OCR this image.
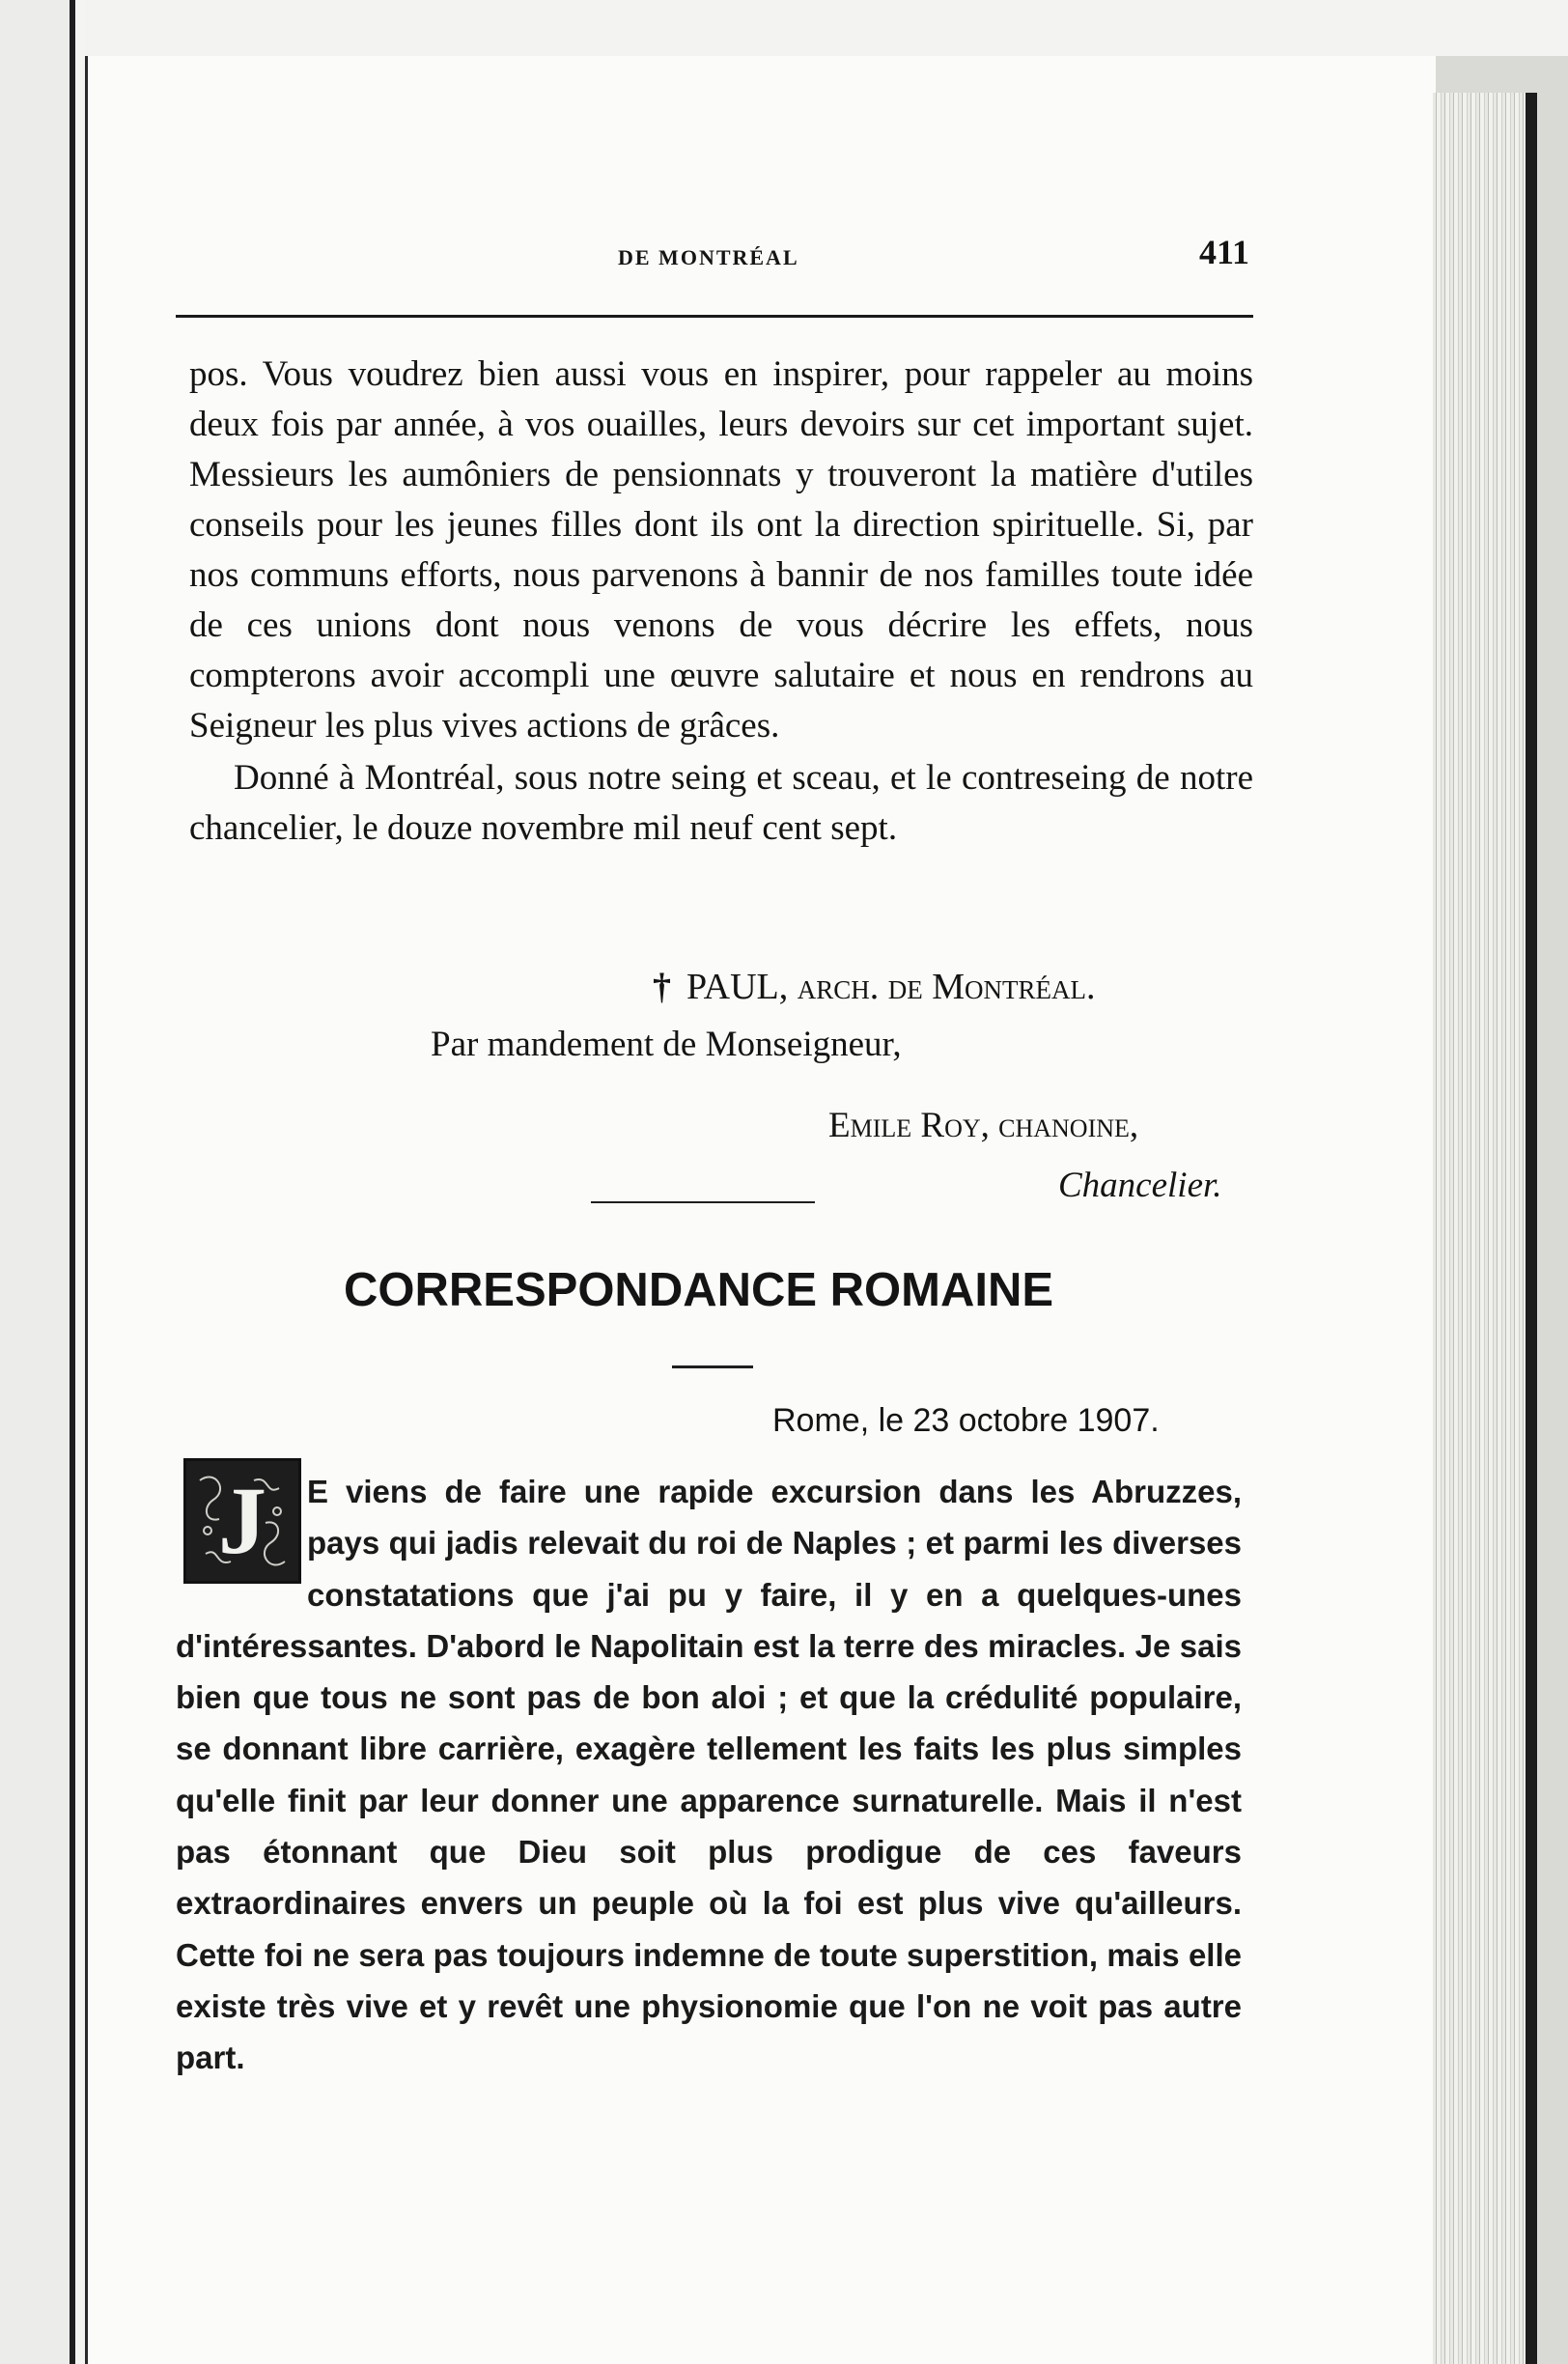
DE MONTRÉAL	411

pos. Vous voudrez bien aussi vous en inspirer, pour rappeler au moins deux fois par année, à vos ouailles, leurs devoirs sur cet important sujet. Messieurs les aumôniers de pensionnats y trouveront la matière d'utiles conseils pour les jeunes filles dont ils ont la direction spirituelle. Si, par nos communs efforts, nous parvenons à bannir de nos familles toute idée de ces unions dont nous venons de vous décrire les effets, nous compterons avoir accompli une œuvre salutaire et nous en rendrons au Seigneur les plus vives actions de grâces.

Donné à Montréal, sous notre seing et sceau, et le contreseing de notre chancelier, le douze novembre mil neuf cent sept.

† PAUL, arch. de Montréal.
Par mandement de Monseigneur,
Emile Roy, chanoine,
Chancelier.
CORRESPONDANCE ROMAINE
Rome, le 23 octobre 1907.
J	E viens de faire une rapide excursion dans les Abruzzes, pays qui jadis relevait du roi de Naples ; et parmi les diverses constatations que j'ai pu y faire, il y en a quelques-unes d'intéressantes. D'abord le Napolitain est la terre des miracles. Je sais bien que tous ne sont pas de bon aloi ; et que la crédulité populaire, se donnant libre carrière, exagère tellement les faits les plus simples qu'elle finit par leur donner une apparence surnaturelle. Mais il n'est pas étonnant que Dieu soit plus prodigue de ces faveurs extraordinaires envers un peuple où la foi est plus vive qu'ailleurs. Cette foi ne sera pas toujours indemne de toute superstition, mais elle existe très vive et y revêt une physionomie que l'on ne voit pas autre part.
